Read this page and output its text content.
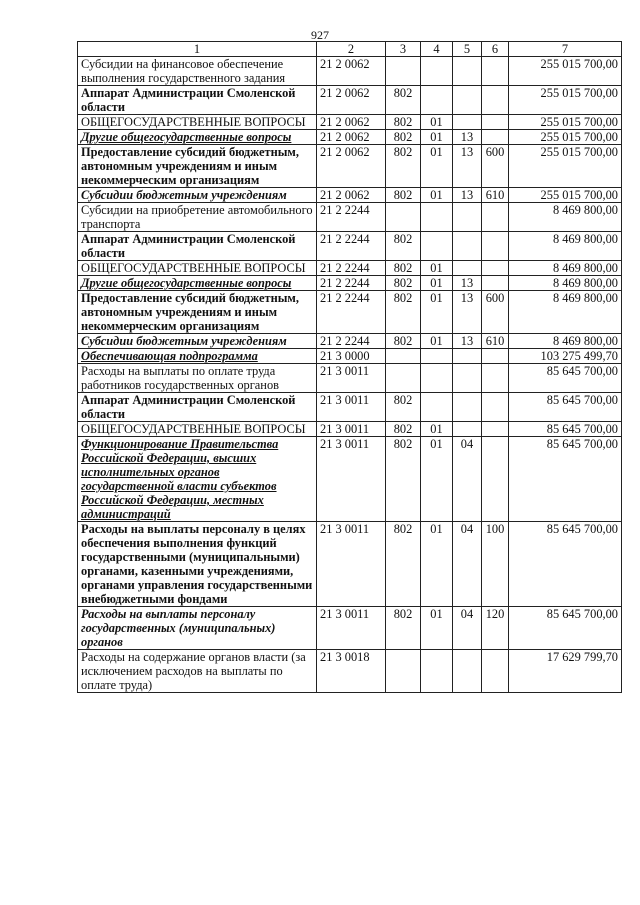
927
1	2	3	4	5	6	7
Субсидии на финансовое обеспечение выполнения государственного задания	21 2 0062					255 015 700,00
Аппарат Администрации Смоленской области	21 2 0062	802				255 015 700,00
ОБЩЕГОСУДАРСТВЕННЫЕ ВОПРОСЫ	21 2 0062	802	01			255 015 700,00
Другие общегосударственные вопросы	21 2 0062	802	01	13		255 015 700,00
Предоставление субсидий бюджетным, автономным учреждениям и иным некоммерческим организациям	21 2 0062	802	01	13	600	255 015 700,00
Субсидии бюджетным учреждениям	21 2 0062	802	01	13	610	255 015 700,00
Субсидии на приобретение автомобильного транспорта	21 2 2244					8 469 800,00
Аппарат Администрации Смоленской области	21 2 2244	802				8 469 800,00
ОБЩЕГОСУДАРСТВЕННЫЕ ВОПРОСЫ	21 2 2244	802	01			8 469 800,00
Другие общегосударственные вопросы	21 2 2244	802	01	13		8 469 800,00
Предоставление субсидий бюджетным, автономным учреждениям и иным некоммерческим организациям	21 2 2244	802	01	13	600	8 469 800,00
Субсидии бюджетным учреждениям	21 2 2244	802	01	13	610	8 469 800,00
Обеспечивающая подпрограмма	21 3 0000					103 275 499,70
Расходы на выплаты по оплате труда работников государственных органов	21 3 0011					85 645 700,00
Аппарат Администрации Смоленской области	21 3 0011	802				85 645 700,00
ОБЩЕГОСУДАРСТВЕННЫЕ ВОПРОСЫ	21 3 0011	802	01			85 645 700,00
Функционирование Правительства Российской Федерации, высших исполнительных органов государственной власти субъектов Российской Федерации, местных администраций	21 3 0011	802	01	04		85 645 700,00
Расходы на выплаты персоналу в целях обеспечения выполнения функций государственными (муниципальными) органами, казенными учреждениями, органами управления государственными внебюджетными фондами	21 3 0011	802	01	04	100	85 645 700,00
Расходы на выплаты персоналу государственных (муниципальных) органов	21 3 0011	802	01	04	120	85 645 700,00
Расходы на содержание органов власти (за исключением расходов на выплаты по оплате труда)	21 3 0018					17 629 799,70
